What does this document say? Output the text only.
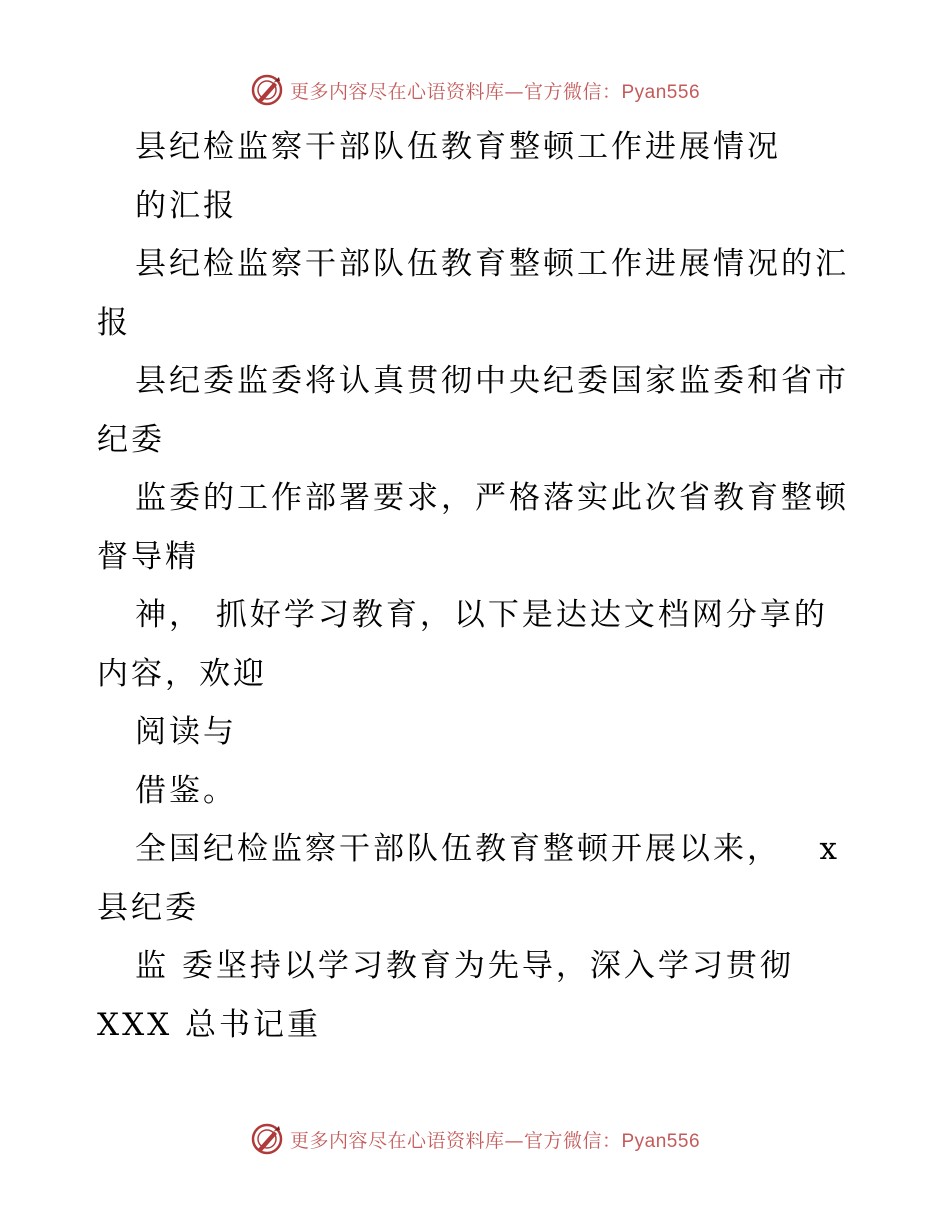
更多内容尽在心语资料库—官方微信：Pyan556
县纪检监察干部队伍教育整顿工作进展情况
的汇报
县纪检监察干部队伍教育整顿工作进展情况的汇
报
县纪委监委将认真贯彻中央纪委国家监委和省市
纪委
监委的工作部署要求，严格落实此次省教育整顿
督导精
神， 抓好学习教育，以下是达达文档网分享的
内容，欢迎
阅读与
借鉴。
全国纪检监察干部队伍教育整顿开展以来，   x
县纪委
监 委坚持以学习教育为先导，深入学习贯彻
XXX 总书记重
更多内容尽在心语资料库—官方微信：Pyan556
